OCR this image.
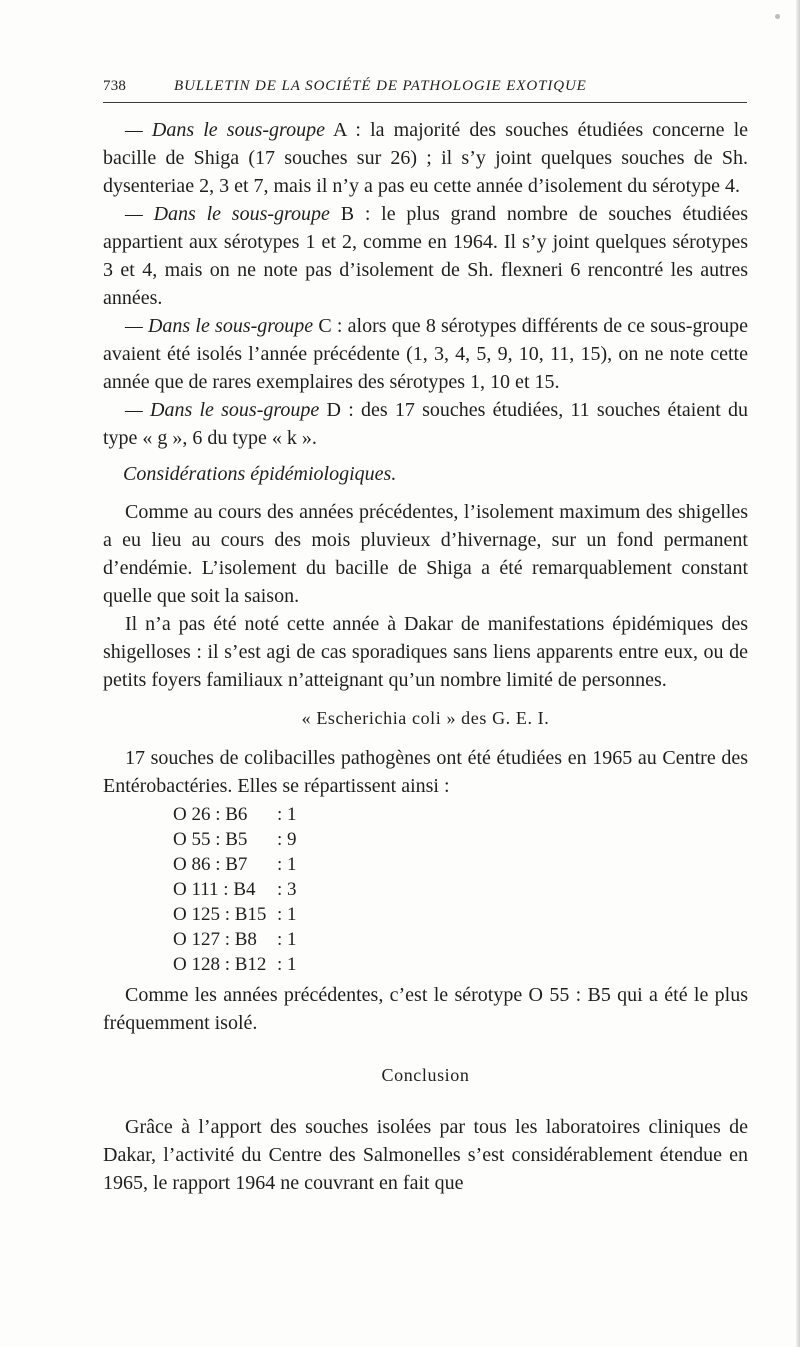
738	BULLETIN DE LA SOCIÉTÉ DE PATHOLOGIE EXOTIQUE

— Dans le sous-groupe A : la majorité des souches étudiées concerne le bacille de Shiga (17 souches sur 26) ; il s’y joint quelques souches de Sh. dysenteriae 2, 3 et 7, mais il n’y a pas eu cette année d’isolement du sérotype 4.

— Dans le sous-groupe B : le plus grand nombre de souches étudiées appartient aux sérotypes 1 et 2, comme en 1964. Il s’y joint quelques sérotypes 3 et 4, mais on ne note pas d’isolement de Sh. flexneri 6 rencontré les autres années.

— Dans le sous-groupe C : alors que 8 sérotypes différents de ce sous-groupe avaient été isolés l’année précédente (1, 3, 4, 5, 9, 10, 11, 15), on ne note cette année que de rares exemplaires des sérotypes 1, 10 et 15.

— Dans le sous-groupe D : des 17 souches étudiées, 11 souches étaient du type « g », 6 du type « k ».

Considérations épidémiologiques.

Comme au cours des années précédentes, l’isolement maximum des shigelles a eu lieu au cours des mois pluvieux d’hivernage, sur un fond permanent d’endémie. L’isolement du bacille de Shiga a été remarquablement constant quelle que soit la saison.

Il n’a pas été noté cette année à Dakar de manifestations épidémiques des shigelloses : il s’est agi de cas sporadiques sans liens apparents entre eux, ou de petits foyers familiaux n’atteignant qu’un nombre limité de personnes.

« Escherichia coli » des G. E. I.

17 souches de colibacilles pathogènes ont été étudiées en 1965 au Centre des Entérobactéries. Elles se répartissent ainsi :

O 26 : B6	: 1
O 55 : B5	: 9
O 86 : B7	: 1
O 111 : B4	: 3
O 125 : B15 : 1
O 127 : B8	: 1
O 128 : B12 : 1

Comme les années précédentes, c’est le sérotype O 55 : B5 qui a été le plus fréquemment isolé.

Conclusion

Grâce à l’apport des souches isolées par tous les laboratoires cliniques de Dakar, l’activité du Centre des Salmonelles s’est considérablement étendue en 1965, le rapport 1964 ne couvrant en fait que
